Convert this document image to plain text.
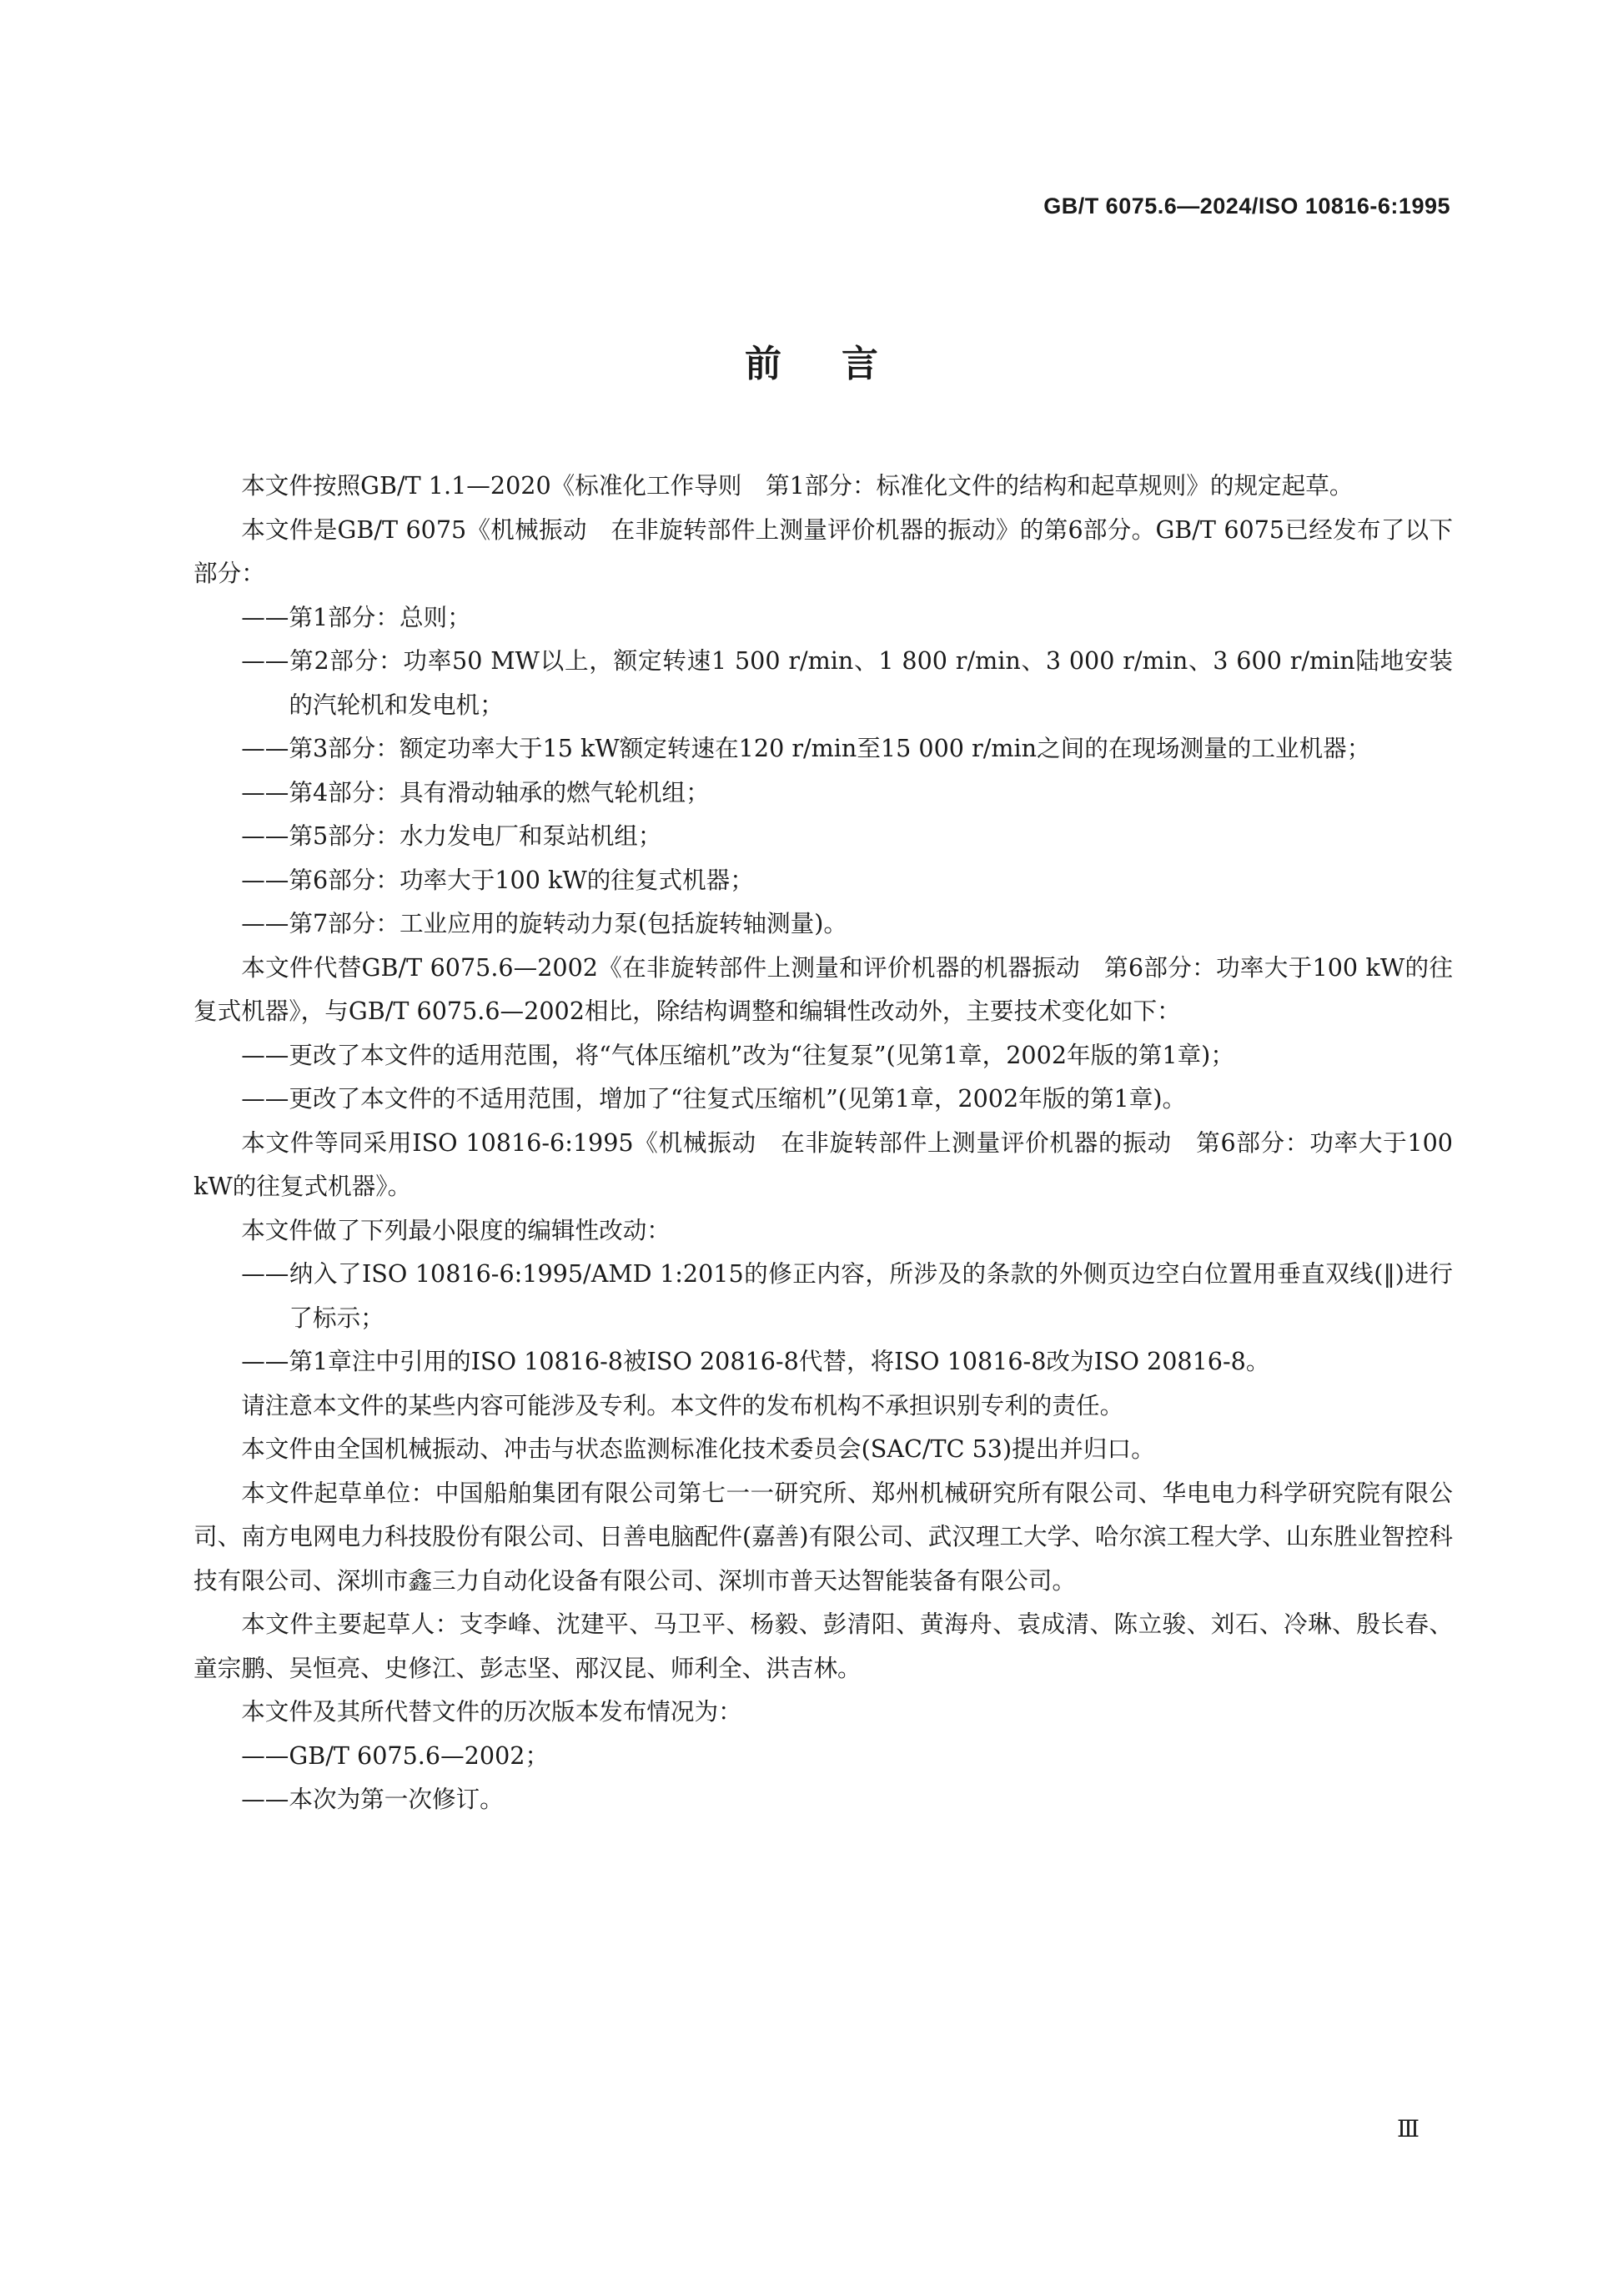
GB/T 6075.6—2024/ISO 10816-6:1995
前言

本文件按照GB/T 1.1—2020《标准化工作导则　第1部分：标准化文件的结构和起草规则》的规定起草。

本文件是GB/T 6075《机械振动　在非旋转部件上测量评价机器的振动》的第6部分。GB/T 6075已经发布了以下部分：

——第1部分：总则；

——第2部分：功率50 MW以上，额定转速1 500 r/min、1 800 r/min、3 000 r/min、3 600 r/min陆地安装的汽轮机和发电机；

——第3部分：额定功率大于15 kW额定转速在120 r/min至15 000 r/min之间的在现场测量的工业机器；

——第4部分：具有滑动轴承的燃气轮机组；

——第5部分：水力发电厂和泵站机组；

——第6部分：功率大于100 kW的往复式机器；

——第7部分：工业应用的旋转动力泵(包括旋转轴测量)。

本文件代替GB/T 6075.6—2002《在非旋转部件上测量和评价机器的机器振动　第6部分：功率大于100 kW的往复式机器》，与GB/T 6075.6—2002相比，除结构调整和编辑性改动外，主要技术变化如下：

——更改了本文件的适用范围，将“气体压缩机”改为“往复泵”(见第1章，2002年版的第1章)；

——更改了本文件的不适用范围，增加了“往复式压缩机”(见第1章，2002年版的第1章)。

本文件等同采用ISO 10816-6:1995《机械振动　在非旋转部件上测量评价机器的振动　第6部分：功率大于100 kW的往复式机器》。

本文件做了下列最小限度的编辑性改动：

——纳入了ISO 10816-6:1995/AMD 1:2015的修正内容，所涉及的条款的外侧页边空白位置用垂直双线(‖)进行了标示；

——第1章注中引用的ISO 10816-8被ISO 20816-8代替，将ISO 10816-8改为ISO 20816-8。

请注意本文件的某些内容可能涉及专利。本文件的发布机构不承担识别专利的责任。

本文件由全国机械振动、冲击与状态监测标准化技术委员会(SAC/TC 53)提出并归口。

本文件起草单位：中国船舶集团有限公司第七一一研究所、郑州机械研究所有限公司、华电电力科学研究院有限公司、南方电网电力科技股份有限公司、日善电脑配件(嘉善)有限公司、武汉理工大学、哈尔滨工程大学、山东胜业智控科技有限公司、深圳市鑫三力自动化设备有限公司、深圳市普天达智能装备有限公司。

本文件主要起草人：支李峰、沈建平、马卫平、杨毅、彭清阳、黄海舟、袁成清、陈立骏、刘石、冷琳、殷长春、童宗鹏、吴恒亮、史修江、彭志坚、邴汉昆、师利全、洪吉林。

本文件及其所代替文件的历次版本发布情况为：

——GB/T 6075.6—2002；

——本次为第一次修订。

Ⅲ
